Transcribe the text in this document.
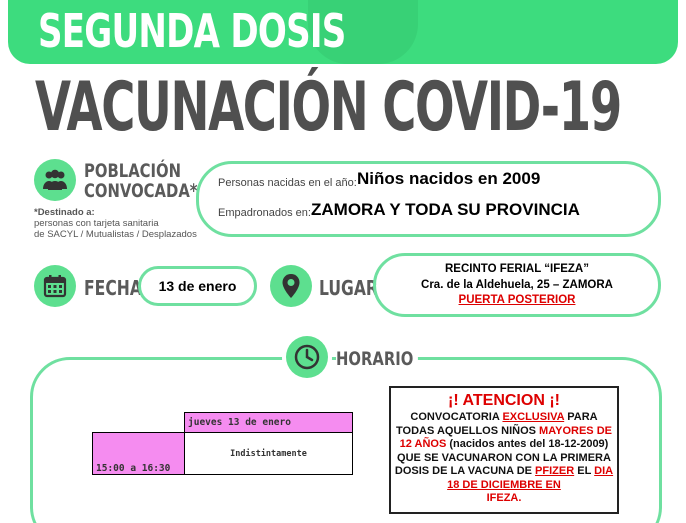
SEGUNDA DOSIS
VACUNACIÓN COVID-19
POBLACIÓN
CONVOCADA*
*Destinado a:
personas con tarjeta sanitaria
de SACYL / Mutualistas / Desplazados
Personas nacidas en el año: Niños nacidos en 2009
Empadronados en: ZAMORA Y TODA SU PROVINCIA
FECHA	13 de enero	LUGAR
RECINTO FERIAL “IFEZA”
Cra. de la Aldehuela, 25 – ZAMORA
PUERTA POSTERIOR
HORARIO
	jueves 13 de enero
15:00 a 16:30	Indistintamente
¡! ATENCION ¡!
CONVOCATORIA EXCLUSIVA PARA TODAS AQUELLOS NIÑOS MAYORES DE 12 AÑOS (nacidos antes del 18-12-2009) QUE SE VACUNARON CON LA PRIMERA DOSIS DE LA VACUNA DE PFIZER EL DIA 18 DE DICIEMBRE EN
IFEZA.
